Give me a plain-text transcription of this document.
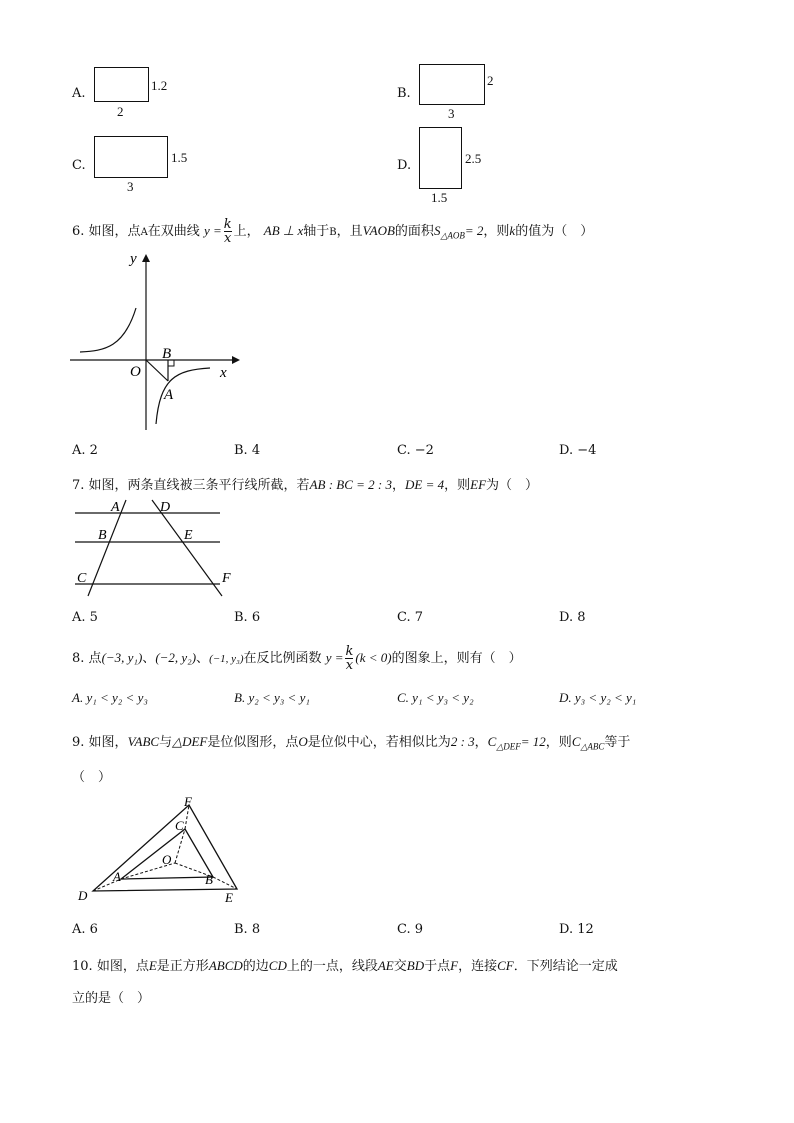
A.
1.2
2
B.
2
3
C.
1.5
3
D.	2.5
1.5
6. 如图，点A在双曲线 $y = \frac{k}{x}$ 上， AB ⊥ x轴于B，且VAOB的面积$S_{\triangle AOB}= 2$，则k的值为（　）
y
x
O
B
A
A. 2	B. 4	C. −2	D. −4
7. 如图，两条直线被三条平行线所截，若AB : BC = 2 : 3，DE = 4，则EF为（　）
A	D
B	E
C	F
A. 5	B. 6	C. 7	D. 8
8. 点(−3, y₁)、(−2, y₂)、(−1, y₃)在反比例函数 $y = \frac{k}{x} (k < 0)$的图象上，则有（　）
A. y₁ < y₂ < y₃	B. y₂ < y₃ < y₁	C. y₁ < y₃ < y₂	D. y₃ < y₂ < y₁
9. 如图，VABC与△DEF是位似图形，点O是位似中心，若相似比为2 : 3，$C_{\triangle DEF}= 12$，则$C_{\triangle ABC}$等于
（　）
F
C
O
A	B
D	E
A. 6	B. 8	C. 9	D. 12
10. 如图，点E是正方形ABCD的边CD上的一点，线段AE交BD于点F，连接CF．下列结论一定成
立的是（　）
